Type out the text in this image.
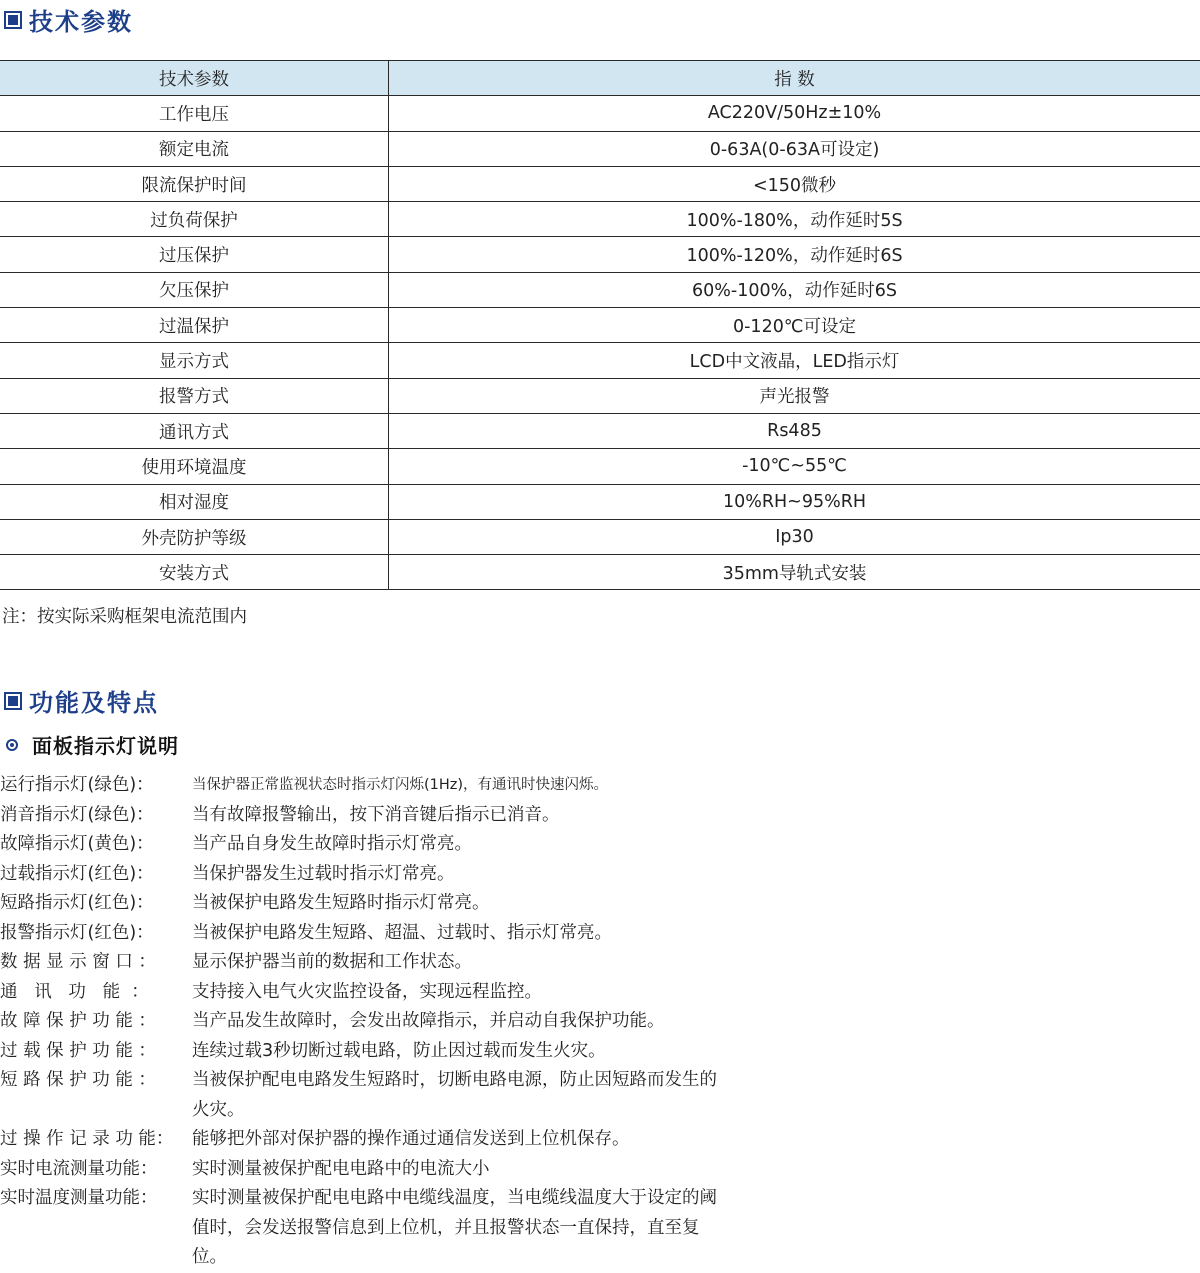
技术参数
技术参数	指 数
工作电压	AC220V/50Hz±10%
额定电流	0-63A(0-63A可设定)
限流保护时间	<150微秒
过负荷保护	100%-180%，动作延时5S
过压保护	100%-120%，动作延时6S
欠压保护	60%-100%，动作延时6S
过温保护	0-120℃可设定
显示方式	LCD中文液晶，LED指示灯
报警方式	声光报警
通讯方式	Rs485
使用环境温度	-10℃~55℃
相对湿度	10%RH~95%RH
外壳防护等级	Ip30
安装方式	35mm导轨式安装
注：按实际采购框架电流范围内
功能及特点
面板指示灯说明
运行指示灯(绿色)：	当保护器正常监视状态时指示灯闪烁(1Hz)，有通讯时快速闪烁。
消音指示灯(绿色)：	当有故障报警输出，按下消音键后指示已消音。
故障指示灯(黄色)：	当产品自身发生故障时指示灯常亮。
过载指示灯(红色)：	当保护器发生过载时指示灯常亮。
短路指示灯(红色)：	当被保护电路发生短路时指示灯常亮。
报警指示灯(红色)：	当被保护电路发生短路、超温、过载时、指示灯常亮。
数 据 显 示 窗 口 ：	显示保护器当前的数据和工作状态。
通   讯   功   能  ：	支持接入电气火灾监控设备，实现远程监控。
故 障 保 护 功 能 ：	当产品发生故障时，会发出故障指示，并启动自我保护功能。
过 载 保 护 功 能 ：	连续过载3秒切断过载电路，防止因过载而发生火灾。
短 路 保 护 功 能 ：	当被保护配电电路发生短路时，切断电路电源，防止因短路而发生的火灾。
过 操 作 记 录 功 能：	能够把外部对保护器的操作通过通信发送到上位机保存。
实时电流测量功能：	实时测量被保护配电电路中的电流大小
实时温度测量功能：	实时测量被保护配电电路中电缆线温度，当电缆线温度大于设定的阈值时，会发送报警信息到上位机，并且报警状态一直保持，直至复位。
